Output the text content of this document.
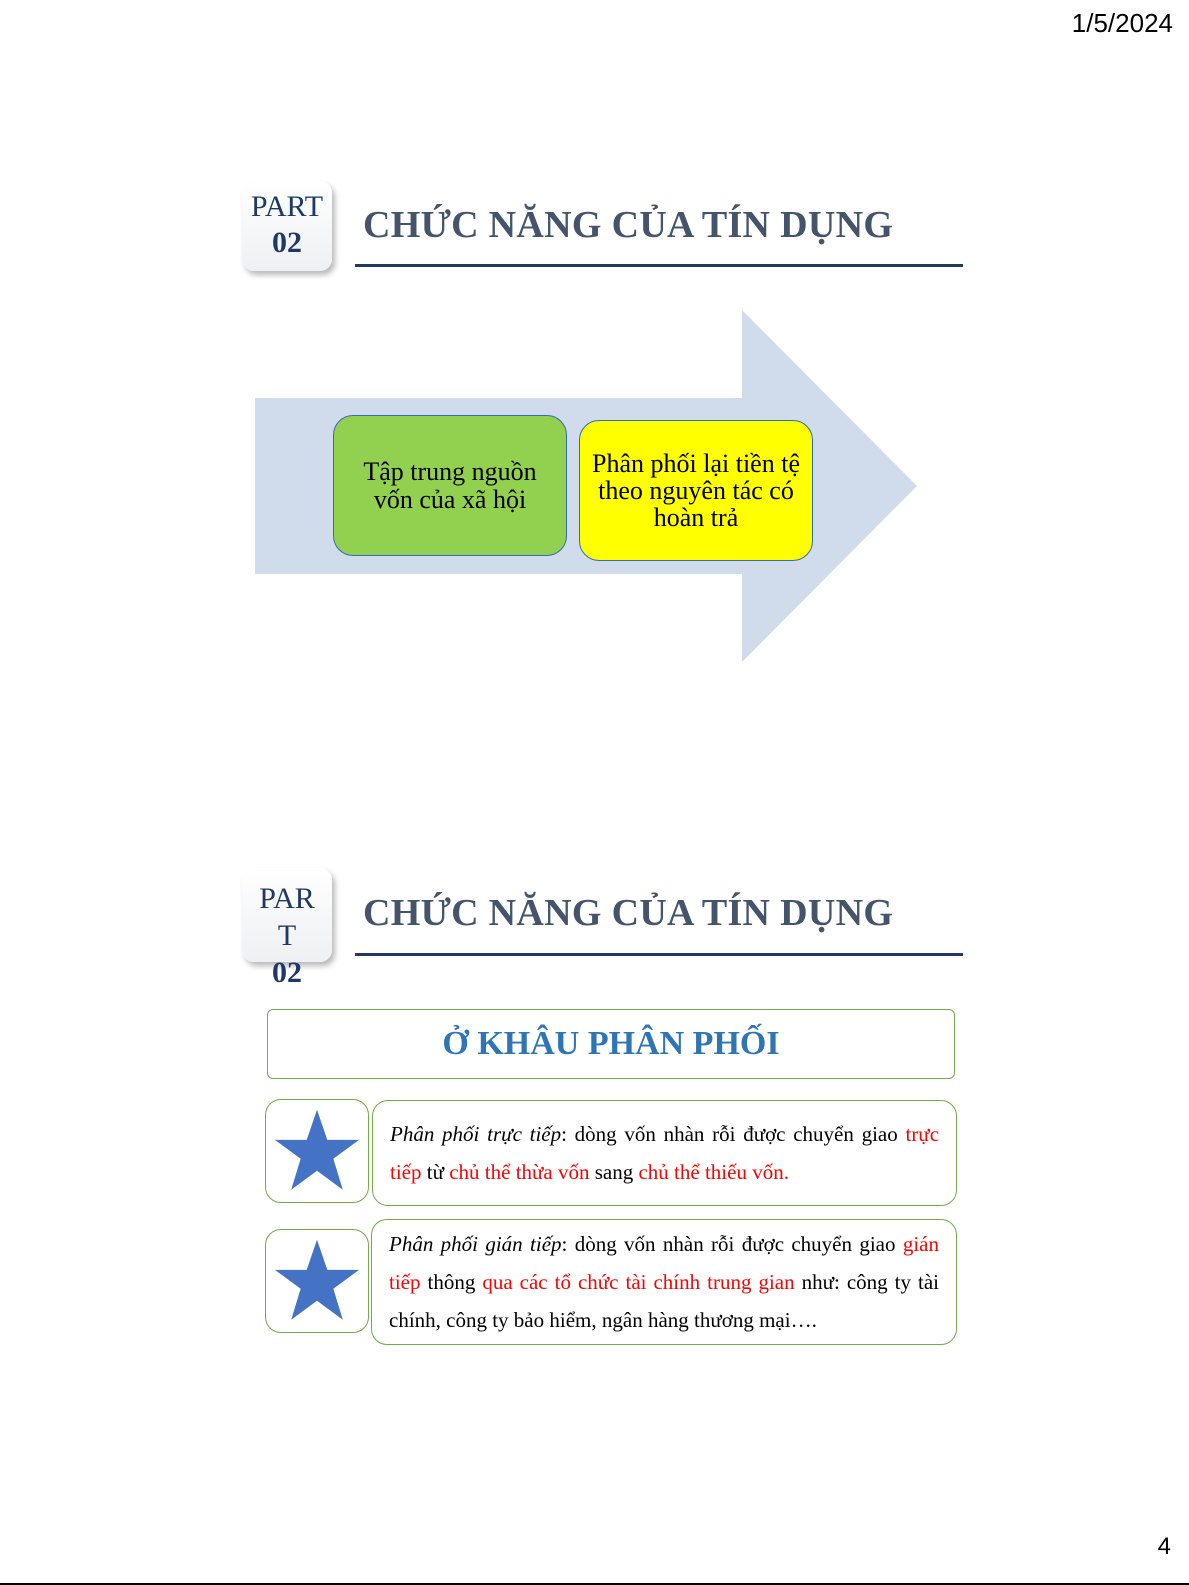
1/5/2024
PART
02	CHỨC NĂNG CỦA TÍN DỤNG
Tập trung nguồn vốn của xã hội
Phân phối lại tiền tệ theo nguyên tác có hoàn trả
PAR
T
02
CHỨC NĂNG CỦA TÍN DỤNG
Ở KHÂU PHÂN PHỐI

Phân phối trực tiếp: dòng vốn nhàn rỗi được chuyển giao trực tiếp từ chủ thể thừa vốn sang chủ thể thiếu vốn.

Phân phối gián tiếp: dòng vốn nhàn rỗi được chuyển giao gián tiếp thông qua các tổ chức tài chính trung gian như: công ty tài chính, công ty bảo hiểm, ngân hàng thương mại….

4
